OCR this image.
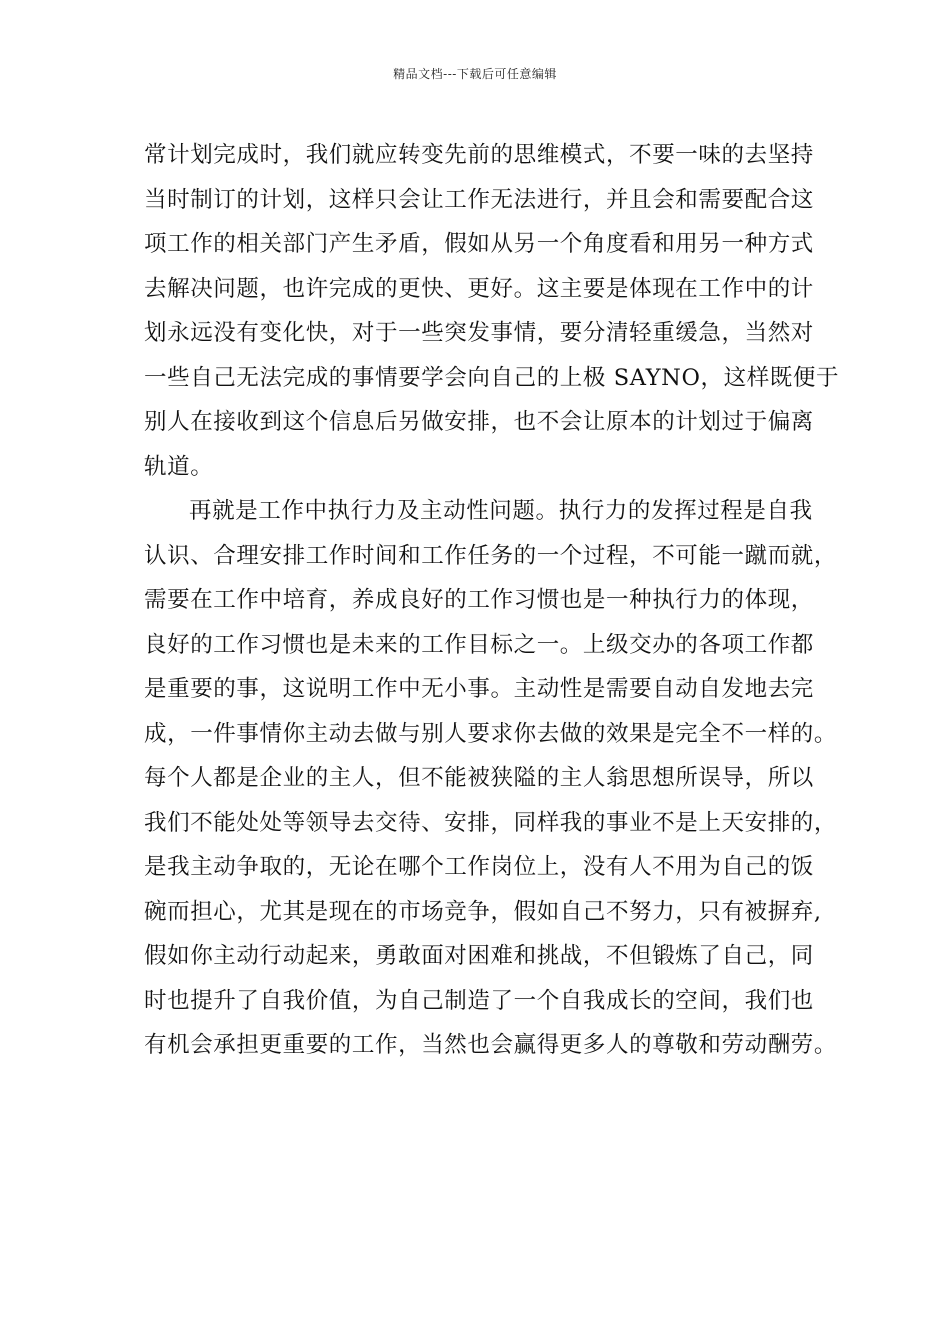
精品文档---下载后可任意编辑
常计划完成时，我们就应转变先前的思维模式，不要一味的去坚持
当时制订的计划，这样只会让工作无法进行，并且会和需要配合这
项工作的相关部门产生矛盾，假如从另一个角度看和用另一种方式
去解决问题，也许完成的更快、更好。这主要是体现在工作中的计
划永远没有变化快，对于一些突发事情，要分清轻重缓急，当然对
一些自己无法完成的事情要学会向自己的上极 SAYNO，这样既便于
别人在接收到这个信息后另做安排，也不会让原本的计划过于偏离
轨道。
再就是工作中执行力及主动性问题。执行力的发挥过程是自我
认识、合理安排工作时间和工作任务的一个过程，不可能一蹴而就，
需要在工作中培育，养成良好的工作习惯也是一种执行力的体现，
良好的工作习惯也是未来的工作目标之一。上级交办的各项工作都
是重要的事，这说明工作中无小事。主动性是需要自动自发地去完
成，一件事情你主动去做与别人要求你去做的效果是完全不一样的。
每个人都是企业的主人，但不能被狭隘的主人翁思想所误导，所以
我们不能处处等领导去交待、安排，同样我的事业不是上天安排的，
是我主动争取的，无论在哪个工作岗位上，没有人不用为自己的饭
碗而担心，尤其是现在的市场竞争，假如自己不努力，只有被摒弃,
假如你主动行动起来，勇敢面对困难和挑战，不但锻炼了自己，同
时也提升了自我价值，为自己制造了一个自我成长的空间，我们也
有机会承担更重要的工作，当然也会赢得更多人的尊敬和劳动酬劳。
